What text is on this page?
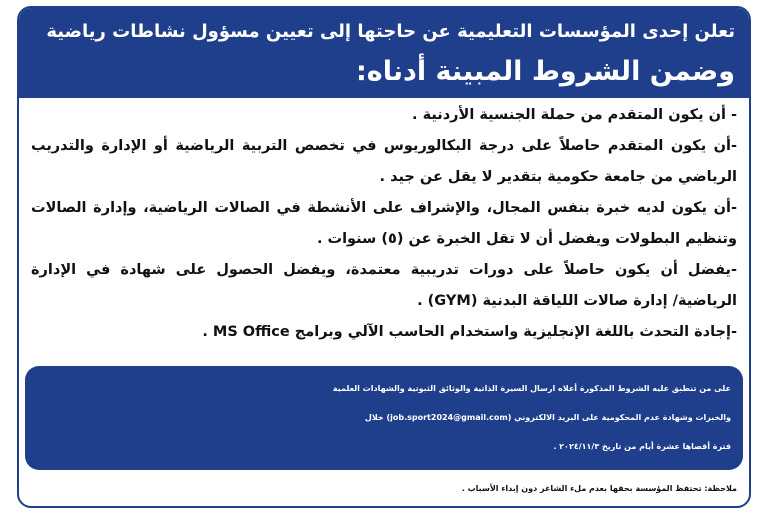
تعلن إحدى المؤسسات التعليمية عن حاجتها إلى تعيين مسؤول نشاطات رياضية
وضمن الشروط المبينة أدناه:
- أن يكون المتقدم من حملة الجنسية الأردنية .
-أن يكون المتقدم حاصلاً على درجة البكالوريوس في تخصص التربية الرياضية أو الإدارة والتدريب الرياضي من جامعة حكومية بتقدير لا يقل عن جيد .
-أن يكون لديه خبرة بنفس المجال، والإشراف على الأنشطة في الصالات الرياضية، وإدارة الصالات وتنظيم البطولات ويفضل أن لا تقل الخبرة عن (٥) سنوات .
-يفضل أن يكون حاصلاً على دورات تدريبية معتمدة، ويفضل الحصول على شهادة في الإدارة الرياضية/ إدارة صالات اللياقة البدنية (GYM) .
-إجادة التحدث باللغة الإنجليزية واستخدام الحاسب الآلي وبرامج MS Office .
على من تنطبق عليه الشروط المذكورة أعلاه ارسال السيرة الذاتية والوثائق الثبوتية والشهادات العلمية
والخبرات وشهادة عدم المحكومية على البريد الالكتروني (job.sport2024@gmail.com) خلال
فترة أقصاها عشرة أيام من تاريخ ٢٠٢٤/١١/٣ .
ملاحظة: تحتفظ المؤسسة بحقها بعدم ملء الشاغر دون إبداء الأسباب .
